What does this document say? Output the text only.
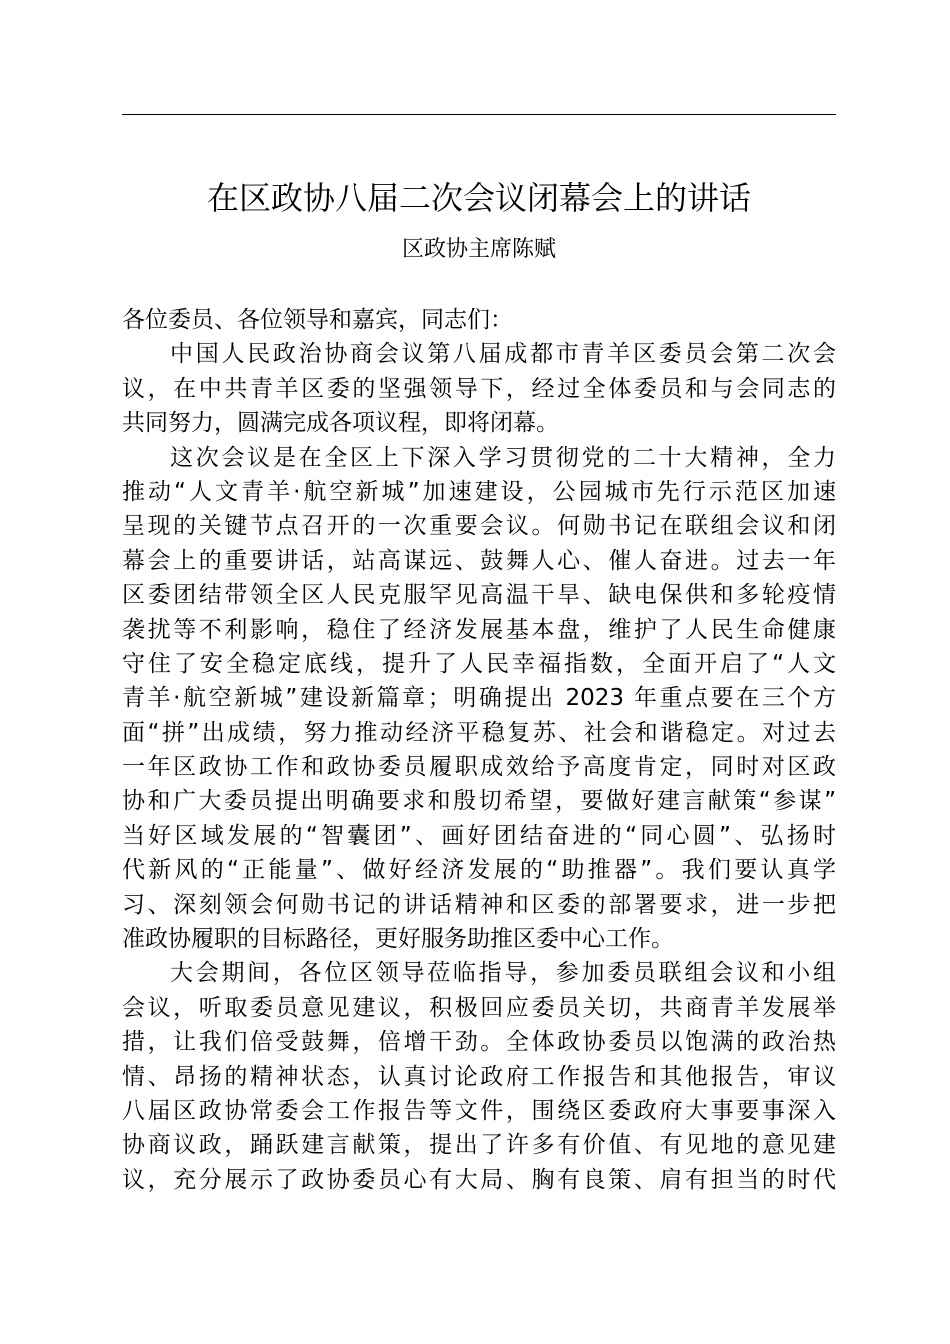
在区政协八届二次会议闭幕会上的讲话
区政协主席陈赋
各位委员、各位领导和嘉宾，同志们：
中国人民政治协商会议第八届成都市青羊区委员会第二次会
议，在中共青羊区委的坚强领导下，经过全体委员和与会同志的
共同努力，圆满完成各项议程，即将闭幕。
这次会议是在全区上下深入学习贯彻党的二十大精神，全力
推动“人文青羊·航空新城”加速建设，公园城市先行示范区加速
呈现的关键节点召开的一次重要会议。何勋书记在联组会议和闭
幕会上的重要讲话，站高谋远、鼓舞人心、催人奋进。过去一年
区委团结带领全区人民克服罕见高温干旱、缺电保供和多轮疫情
袭扰等不利影响，稳住了经济发展基本盘，维护了人民生命健康
守住了安全稳定底线，提升了人民幸福指数，全面开启了“人文
青羊·航空新城”建设新篇章；明确提出 2023 年重点要在三个方
面“拼”出成绩，努力推动经济平稳复苏、社会和谐稳定。对过去
一年区政协工作和政协委员履职成效给予高度肯定，同时对区政
协和广大委员提出明确要求和殷切希望，要做好建言献策“参谋”
当好区域发展的“智囊团”、画好团结奋进的“同心圆”、弘扬时
代新风的“正能量”、做好经济发展的“助推器”。我们要认真学
习、深刻领会何勋书记的讲话精神和区委的部署要求，进一步把
准政协履职的目标路径，更好服务助推区委中心工作。
大会期间，各位区领导莅临指导，参加委员联组会议和小组
会议，听取委员意见建议，积极回应委员关切，共商青羊发展举
措，让我们倍受鼓舞，倍增干劲。全体政协委员以饱满的政治热
情、昂扬的精神状态，认真讨论政府工作报告和其他报告，审议
八届区政协常委会工作报告等文件，围绕区委政府大事要事深入
协商议政，踊跃建言献策，提出了许多有价值、有见地的意见建
议，充分展示了政协委员心有大局、胸有良策、肩有担当的时代
